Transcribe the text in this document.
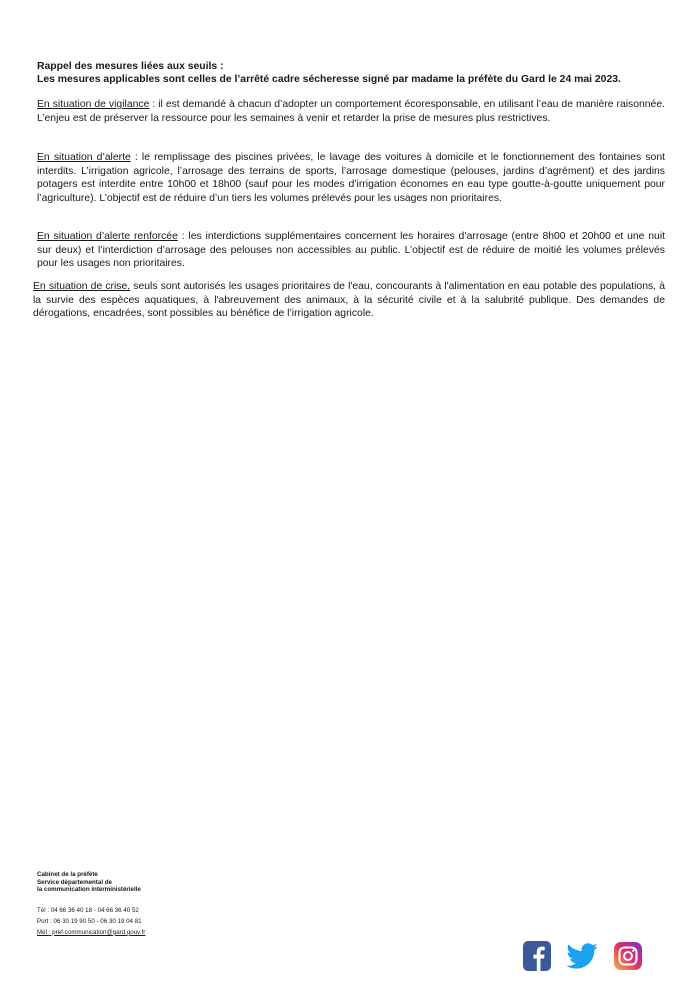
Rappel des mesures liées aux seuils :
Les mesures applicables sont celles de l’arrêté cadre sécheresse signé par madame la préfète du Gard le 24 mai 2023.
En situation de vigilance : il est demandé à chacun d’adopter un comportement écoresponsable, en utilisant l’eau de manière raisonnée. L’enjeu est de préserver la ressource pour les semaines à venir et retarder la prise de mesures plus restrictives.
En situation d’alerte : le remplissage des piscines privées, le lavage des voitures à domicile et le fonctionnement des fontaines sont interdits. L’irrigation agricole, l’arrosage des terrains de sports, l’arrosage domestique (pelouses, jardins d’agrément) et des jardins potagers est interdite entre 10h00 et 18h00 (sauf pour les modes d’irrigation économes en eau type goutte-à-goutte uniquement pour l’agriculture). L’objectif est de réduire d’un tiers les volumes prélevés pour les usages non prioritaires.
En situation d’alerte renforcée : les interdictions supplémentaires concernent les horaires d’arrosage (entre 8h00 et 20h00 et une nuit sur deux) et l’interdiction d’arrosage des pelouses non accessibles au public. L’objectif est de réduire de moitié les volumes prélevés pour les usages non prioritaires.
En situation de crise, seuls sont autorisés les usages prioritaires de l'eau, concourants à l'alimentation en eau potable des populations, à la survie des espèces aquatiques, à l'abreuvement des animaux, à la sécurité civile et à la salubrité publique. Des demandes de dérogations, encadrées, sont possibles au bénéfice de l’irrigation agricole.
Cabinet de la préfète
Service départemental de
la communication interministérielle
Tél : 04 66 36 40 18 - 04 66 36 40 52
Port : 06 30 19 90 50 - 06 30 19 04 81
Mél : pref-communication@gard.gouv.fr
